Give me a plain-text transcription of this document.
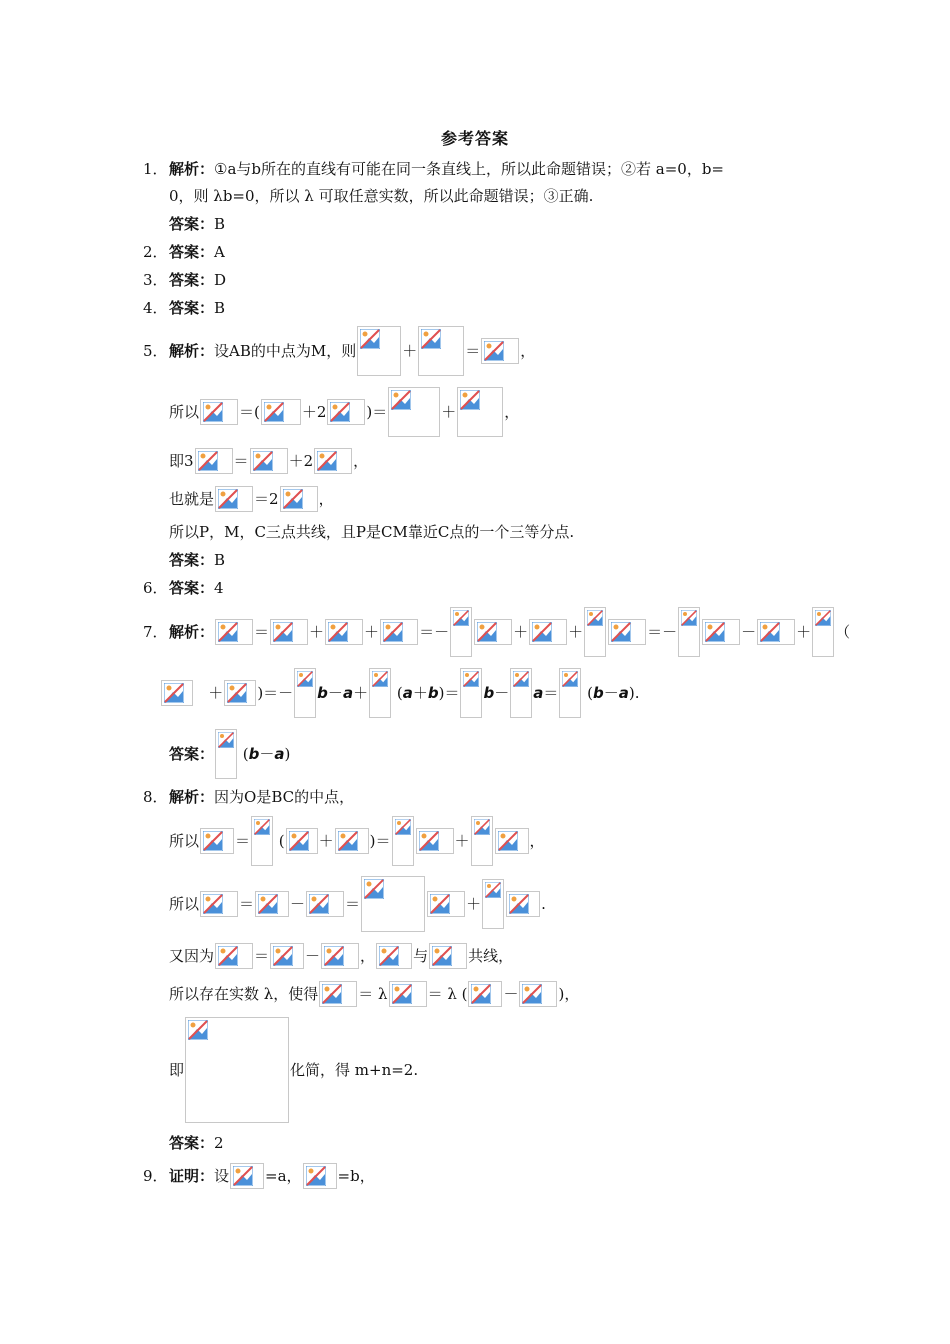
参考答案
1． 解析： ①a与b所在的直线有可能在同一条直线上，所以此命题错误；②若 a=0，b=
0，则 λb=0，所以 λ 可取任意实数，所以此命题错误；③正确.
答案： B
2． 答案： A
3． 答案： D
4． 答案： B
5． 解析： 设AB的中点为M，则	＋	＝	，
所以	＝(	＋2	)＝	＋	，
即3	＝	＋2	，
也就是	＝2	，
所以P，M，C三点共线，且P是CM靠近C点的一个三等分点.
答案： B
6． 答案： 4
7． 解析：	＝	＋	＋	＝－	＋	＋	＝－	－	＋ （
＋ )＝－ b － a ＋ ( a ＋ b )＝ b － a ＝ ( b － a ).
答案： ( b － a )
8． 解析： 因为O是BC的中点，
所以 ＝ ( ＋ )＝	＋	，
所以	＝ －	＝	＋	.
又因为	＝ －	，	与	共线，
所以存在实数 λ，使得	＝ λ	＝ λ ( －	)，
即	化简，得 m+n=2.
答案： 2
9． 证明： 设 =a， =b，
